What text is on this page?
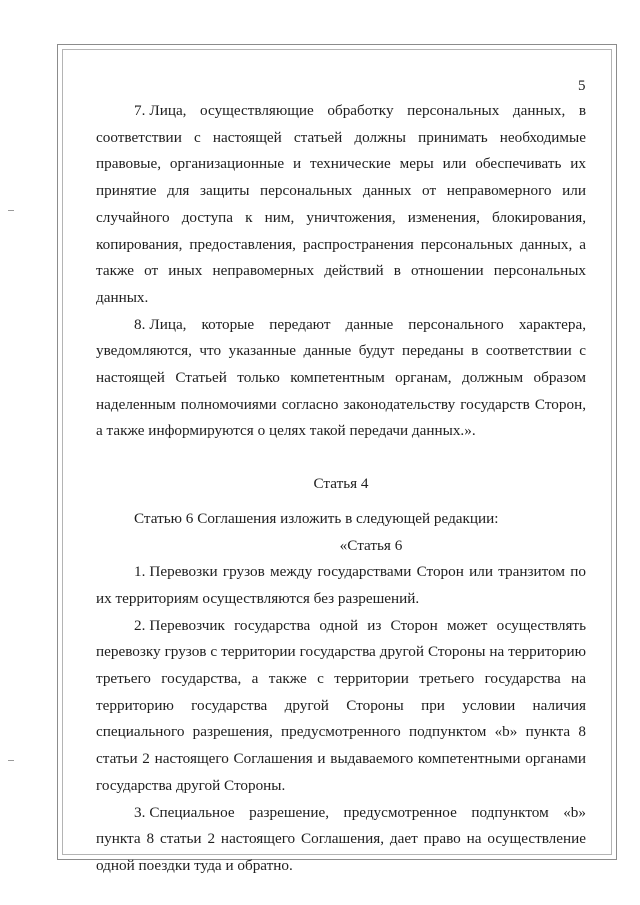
5

7. Лица, осуществляющие обработку персональных данных, в соответствии с настоящей статьей должны принимать необходимые правовые, организационные и технические меры или обеспечивать их принятие для защиты персональных данных от неправомерного или случайного доступа к ним, уничтожения, изменения, блокирования, копирования, предоставления, распространения персональных данных, а также от иных неправомерных действий в отношении персональных данных.

8. Лица, которые передают данные персонального характера, уведомляются, что указанные данные будут переданы в соответствии с настоящей Статьей только компетентным органам, должным образом наделенным полномочиями согласно законодательству государств Сторон, а также информируются о целях такой передачи данных.».

Статья 4

Статью 6 Соглашения изложить в следующей редакции:

«Статья 6

1. Перевозки грузов между государствами Сторон или транзитом по их территориям осуществляются без разрешений.

2. Перевозчик государства одной из Сторон может осуществлять перевозку грузов с территории государства другой Стороны на территорию третьего государства, а также с территории третьего государства на территорию государства другой Стороны при условии наличия специального разрешения, предусмотренного подпунктом «b» пункта 8 статьи 2 настоящего Соглашения и выдаваемого компетентными органами государства другой Стороны.

3. Специальное разрешение, предусмотренное подпунктом «b» пункта 8 статьи 2 настоящего Соглашения, дает право на осуществление одной поездки туда и обратно.
